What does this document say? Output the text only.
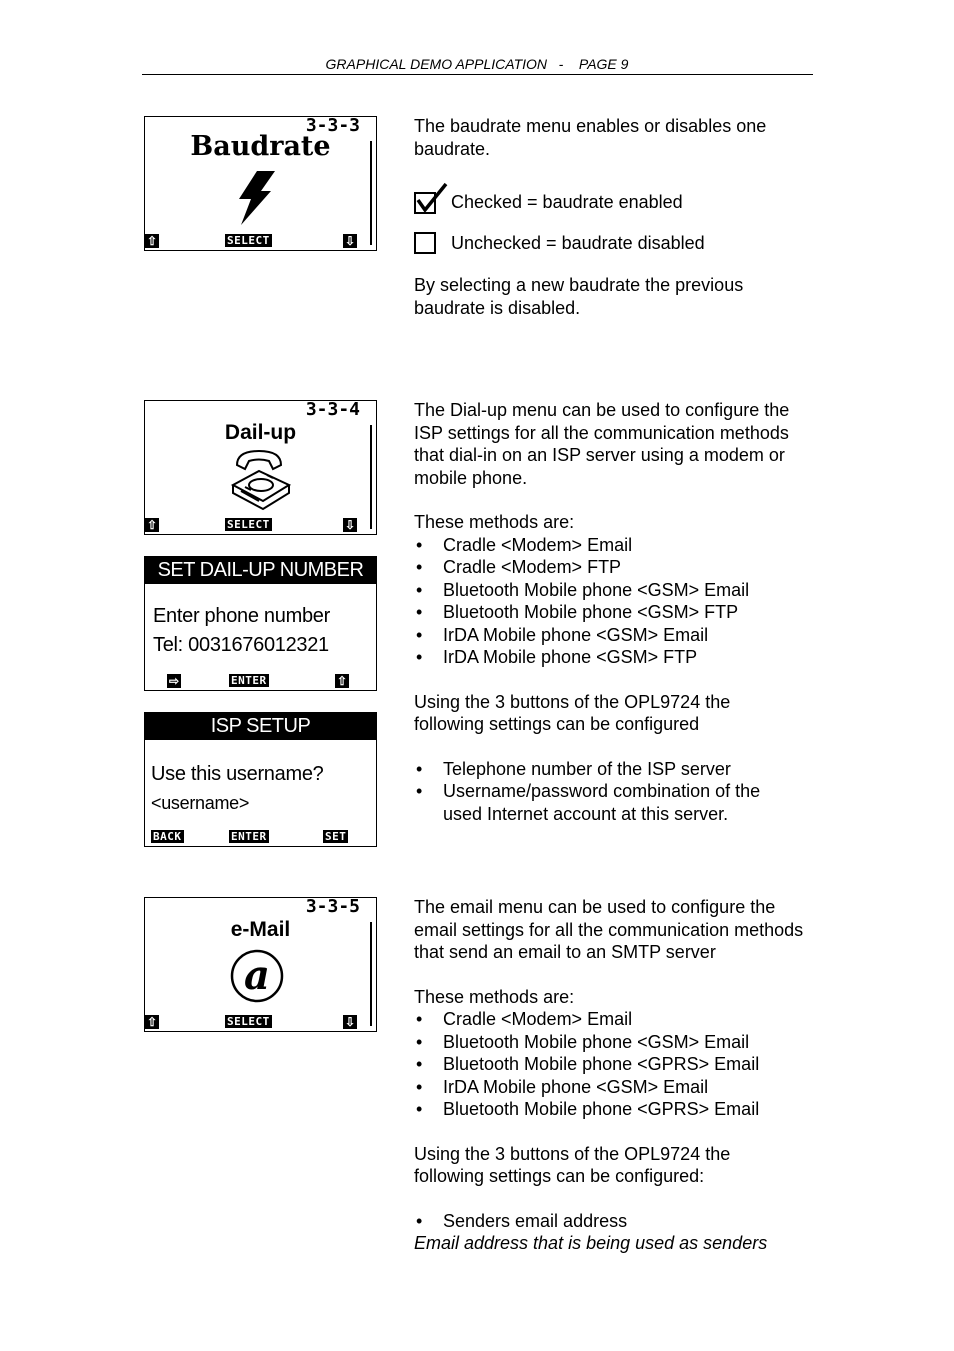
GRAPHICAL DEMO APPLICATION   -    PAGE 9
3-3-3
Baudrate
⇧	SELECT	⇩
3-3-4
Dail-up
⇧	SELECT	⇩
SET DAIL-UP NUMBER
Enter phone number
Tel: 0031676012321
⇨	ENTER	⇧
ISP SETUP
Use this username?
<username>
BACK	ENTER	SET
3-3-5
e-Mail
a
⇧	SELECT	⇩

The baudrate menu enables or disables one baudrate.

Checked = baudrate enabled
Unchecked = baudrate disabled

By selecting a new baudrate the previous baudrate is disabled.

The Dial-up menu can be used to configure the ISP settings for all the communication methods that dial-in on an ISP server using a modem or mobile phone.

These methods are:

• Cradle <Modem> Email
• Cradle <Modem> FTP
• Bluetooth Mobile phone <GSM> Email
• Bluetooth Mobile phone <GSM> FTP
• IrDA Mobile phone <GSM> Email
• IrDA Mobile phone <GSM> FTP

Using the 3 buttons of the OPL9724 the following settings can be configured

• Telephone number of the ISP server
• Username/password combination of the used Internet account at this server.

The email menu can be used to configure the email settings for all the communication methods that send an email to an SMTP server

These methods are:

• Cradle <Modem> Email
• Bluetooth Mobile phone <GSM> Email
• Bluetooth Mobile phone <GPRS> Email
• IrDA Mobile phone <GSM> Email
• Bluetooth Mobile phone <GPRS> Email

Using the 3 buttons of the OPL9724 the following settings can be configured:

• Senders email address

Email address that is being used as senders
